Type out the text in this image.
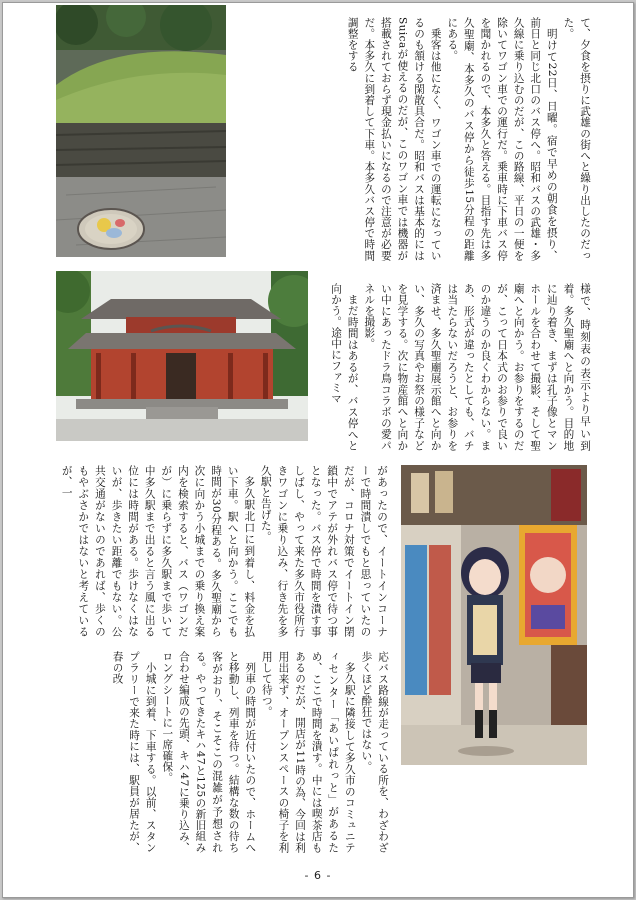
て、夕食を摂りに武雄の街へと繰り出したのだった。

明けて22日、日曜。宿で早めの朝食を摂り、前日と同じ北口のバス停へ。昭和バスの武雄・多久線に乗り込むのだが、この路線、平日の一便を除いてワゴン車での運行だ。乗車時に下車バス停を聞かれるので、本多久と答える。目指す先は多久聖廟、本多久のバス停から徒歩15分程の距離にある。

乗客は他になく、ワゴン車での運転になっているのも頷ける閑散具合だ。昭和バスは基本的にはSuicaが使えるのだが、このワゴン車では機器が搭載されておらず現金払いになるので注意が必要だ。本多久に到着して下車。本多久バス停で時間調整をする

様で、時刻表の表示より早い到着。多久聖廟へと向かう。目的地に辿り着き、まずは孔子像とマンホールを合わせて撮影、そして聖廟へと向かう。お参りをするのだが、こって日本式のお参りで良いのか違うのか良くわからない。まあ、形式が違ったとしても、バチは当たらないだろうと、お参りを済ませ、多久聖廟展示館へと向かい、多久の写真やお祭の様子などを見学する。次に物産館へと向かい中にあったドラ鳥コラボの愛パネルを撮影。

まだ時間はあるが、バス停へと向かう。途中にファミマ

があったので、イートインコーナーで時間潰しでもと思っていたのだが、コロナ対策でイートイン閉鎖中でアテが外れバス停で待つ事となった。バス停で時間を潰す事しばし、やって来た多久市役所行きワゴンに乗り込み、行き先を多久駅と告げた。

多久駅北口に到着し、料金を払い下車。駅へと向かう。ここでも時間が30分程ある。多久聖廟から次に向かう小城までの乗り換え案内を検索すると、バス（ワゴンだが）に乗らずに多久駅まで歩いて中多久駅まで出ると言う風に出る位には時間がある。歩けなくはないが、歩きたい距離でもない。公共交通がないのであれば、歩くのもやぶさかではないと考えているが、一

応バス路線が走っている所を、わざわざ歩くほど酔狂ではない。

多久駅に隣接して多久市のコミュニティセンター「あいぱれっと」があるため、ここで時間を潰す。中には喫茶店もあるのだが、開店が11時の為、今回は利用出来ず、オープンスペースの椅子を利用して待つ。

列車の時間が近付いたので、ホームへと移動し、列車を待つ。結構な数の待ち客がおり、そこそこの混雑が予想される。やってきたキハ47と125の新旧組み合わせ編成の先頭、キハ47に乗り込み、ロングシートに一席確保。

小城に到着、下車する。以前、スタンプラリーで来た時には、駅員が居たが、春の改

- 6 -
